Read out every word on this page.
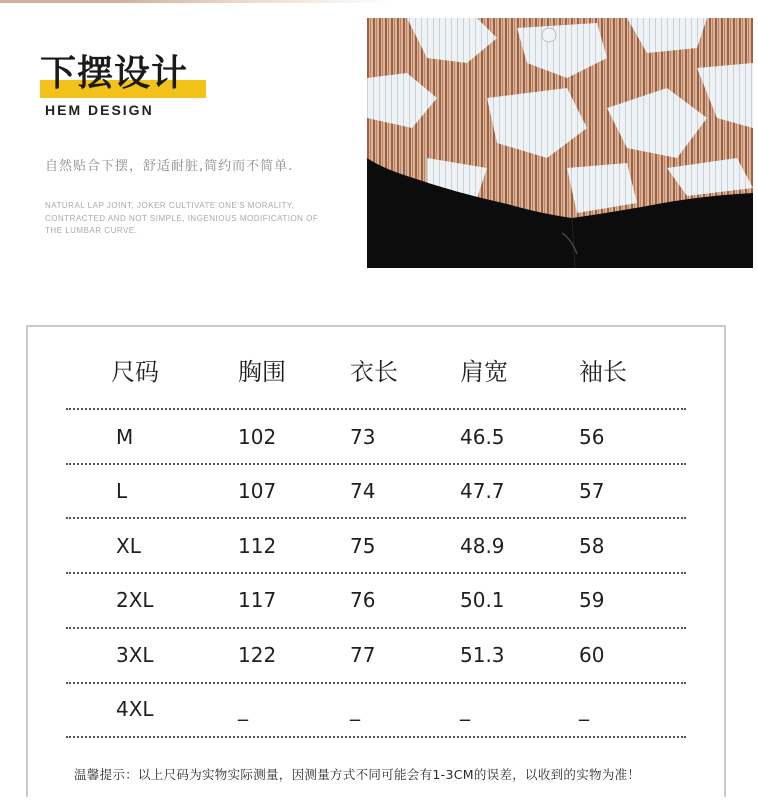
下摆设计
HEM DESIGN
自然贴合下摆，舒适耐脏,简约而不简单.
NATURAL LAP JOINT, JOKER CULTIVATE ONE'S MORALITY, CONTRACTED AND NOT SIMPLE, INGENIOUS MODIFICATION OF THE LUMBAR CURVE.
尺码	胸围	衣长	肩宽	袖长
M	102	73	46.5	56
L	107	74	47.7	57
XL	112	75	48.9	58
2XL	117	76	50.1	59
3XL	122	77	51.3	60
4XL	_	_	_	_
温馨提示：以上尺码为实物实际测量，因测量方式不同可能会有1-3CM的误差，以收到的实物为准！
